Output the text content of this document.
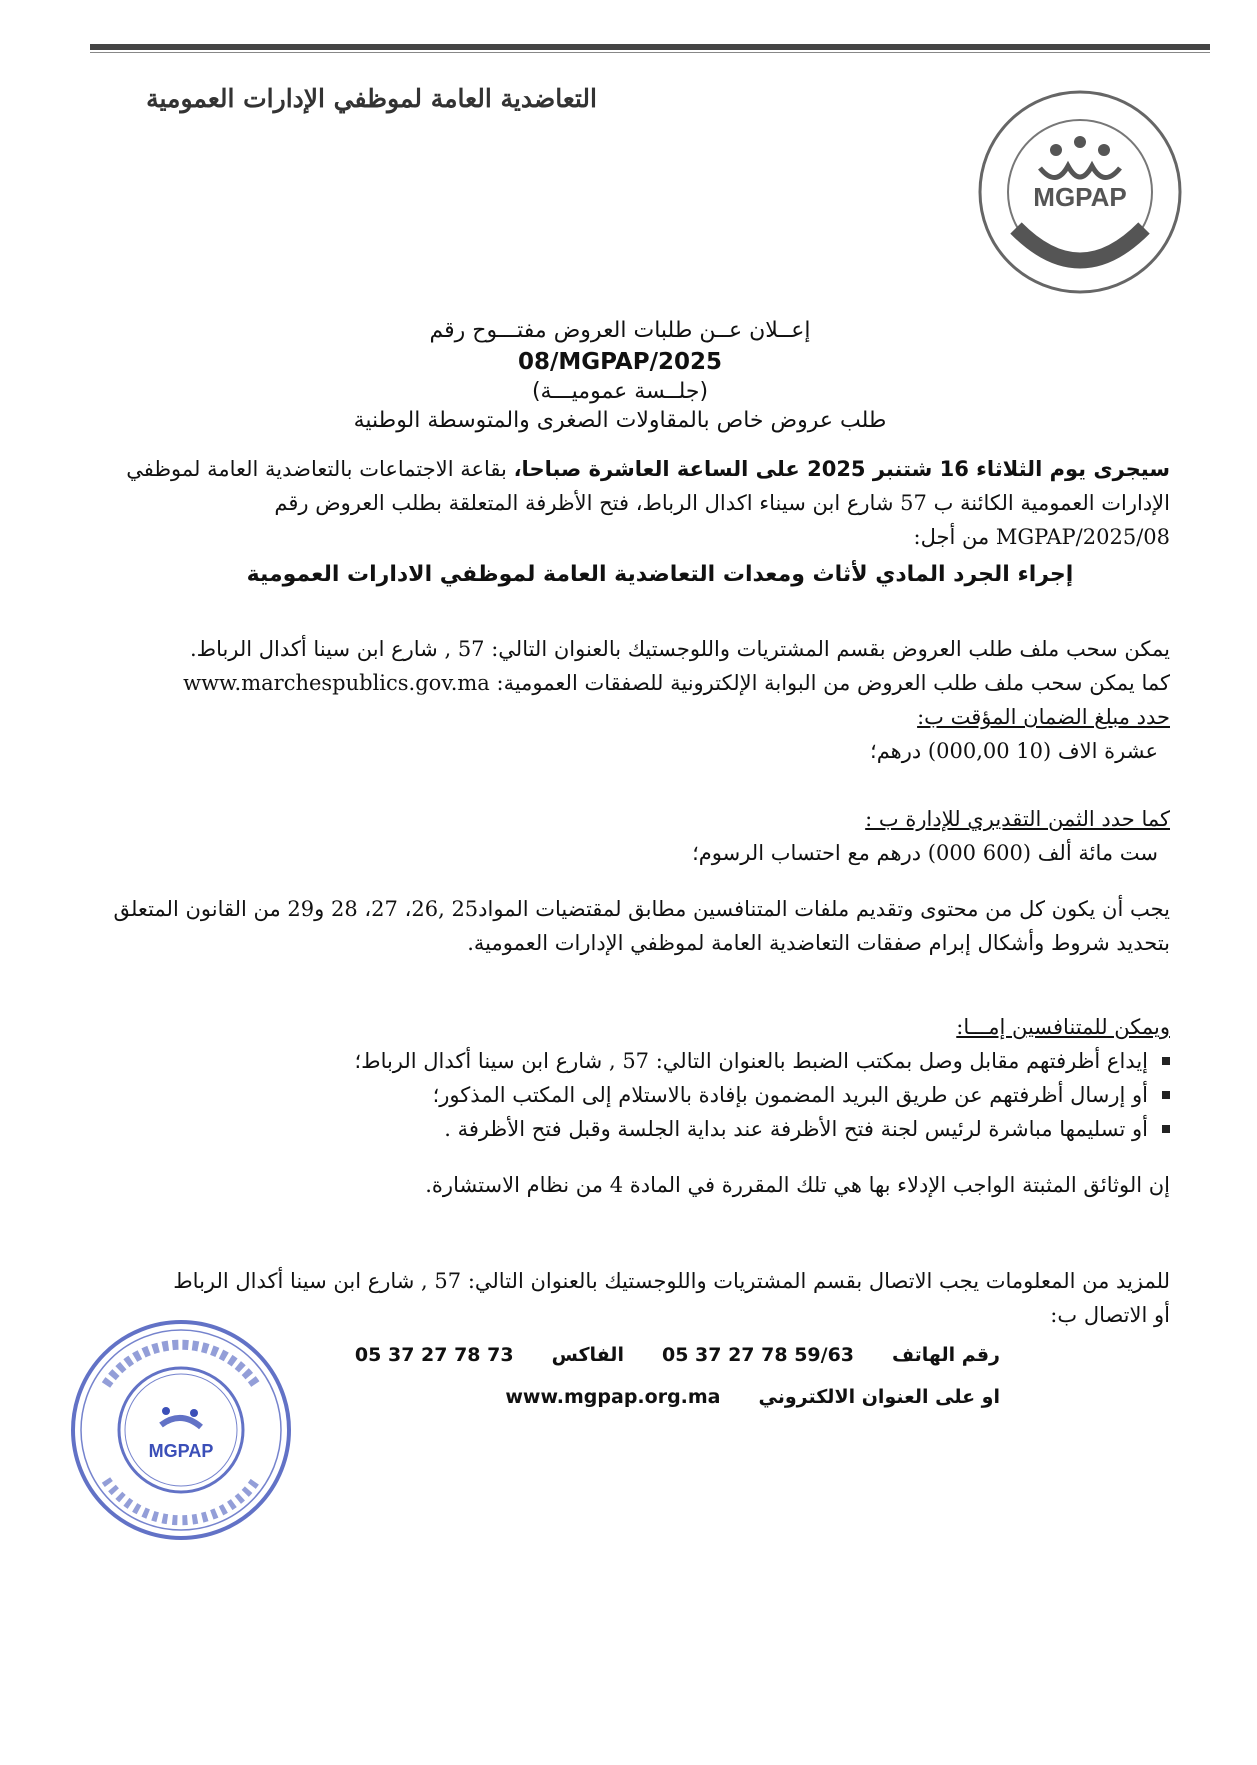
التعاضدية العامة لموظفي الإدارات العمومية
MGPAP
إعــلان عــن طلبات العروض مفتـــوح رقم
08/MGPAP/2025
(جلــسة عموميـــة)
طلب عروض خاص بالمقاولات الصغرى والمتوسطة الوطنية
سيجرى يوم الثلاثاء 16 شتنبر 2025 على الساعة العاشرة صباحا، بقاعة الاجتماعات بالتعاضدية العامة لموظفي الإدارات العمومية الكائنة ب 57 شارع ابن سيناء اكدال الرباط، فتح الأظرفة المتعلقة بطلب العروض رقم 08/MGPAP/2025 من أجل:
إجراء الجرد المادي لأثاث ومعدات التعاضدية العامة لموظفي الادارات العمومية
يمكن سحب ملف طلب العروض بقسم المشتريات واللوجستيك بالعنوان التالي: 57 , شارع ابن سينا أكدال الرباط.
كما يمكن سحب ملف طلب العروض من البوابة الإلكترونية للصفقات العمومية: www.marchespublics.gov.ma
حدد مبلغ الضمان المؤقت ب:
عشرة الاف (10 000,00) درهم؛
كما حدد الثمن التقديري للإدارة ب :
ست مائة ألف (600 000) درهم مع احتساب الرسوم؛
يجب أن يكون كل من محتوى وتقديم ملفات المتنافسين مطابق لمقتضيات المواد25 ,26، 27، 28 و29 من القانون المتعلق بتحديد شروط وأشكال إبرام صفقات التعاضدية العامة لموظفي الإدارات العمومية.
ويمكن للمتنافسين إمـــا:
إيداع أظرفتهم مقابل وصل بمكتب الضبط بالعنوان التالي: 57 , شارع ابن سينا أكدال الرباط؛
أو إرسال أظرفتهم عن طريق البريد المضمون بإفادة بالاستلام إلى المكتب المذكور؛
أو تسليمها مباشرة لرئيس لجنة فتح الأظرفة عند بداية الجلسة وقبل فتح الأظرفة .
إن الوثائق المثبتة الواجب الإدلاء بها هي تلك المقررة في المادة 4 من نظام الاستشارة.
للمزيد من المعلومات يجب الاتصال بقسم المشتريات واللوجستيك بالعنوان التالي: 57 , شارع ابن سينا أكدال الرباط
أو الاتصال ب:
رقم الهاتف
05 37 27 78 59/63
الفاكس
05 37 27 78 73
او على العنوان الالكتروني
www.mgpap.org.ma
MGPAP
